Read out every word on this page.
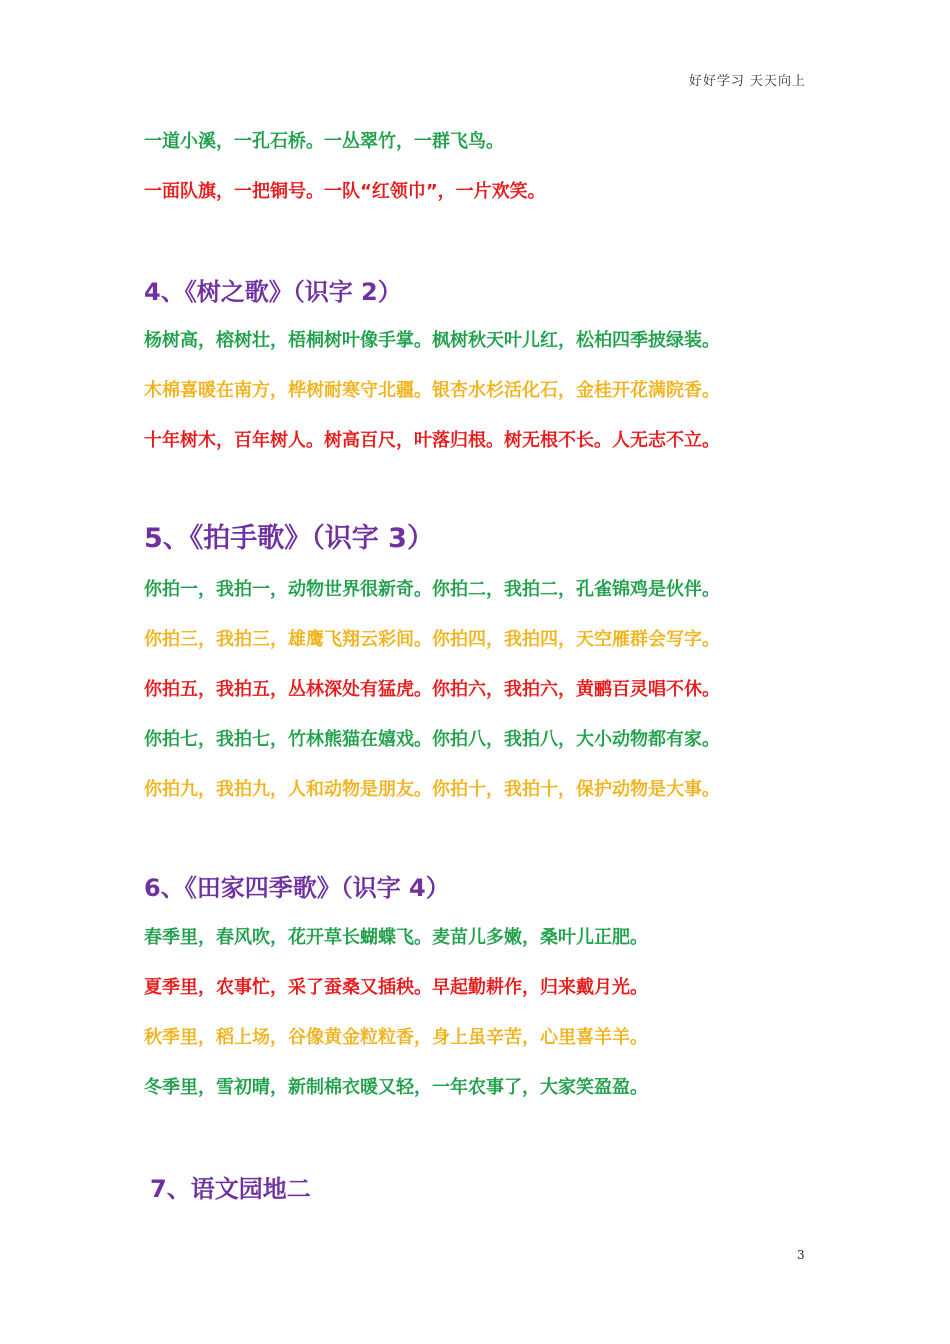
好好学习 天天向上
一道小溪，一孔石桥。一丛翠竹，一群飞鸟。
一面队旗，一把铜号。一队“红领巾”，一片欢笑。
4、《树之歌》（识字 2）
杨树高，榕树壮，梧桐树叶像手掌。枫树秋天叶儿红，松柏四季披绿装。
木棉喜暖在南方，桦树耐寒守北疆。银杏水杉活化石，金桂开花满院香。
十年树木，百年树人。树高百尺，叶落归根。树无根不长。人无志不立。
5、《拍手歌》（识字 3）
你拍一，我拍一，动物世界很新奇。你拍二，我拍二，孔雀锦鸡是伙伴。
你拍三，我拍三，雄鹰飞翔云彩间。你拍四，我拍四，天空雁群会写字。
你拍五，我拍五，丛林深处有猛虎。你拍六，我拍六，黄鹂百灵唱不休。
你拍七，我拍七，竹林熊猫在嬉戏。你拍八，我拍八，大小动物都有家。
你拍九，我拍九，人和动物是朋友。你拍十，我拍十，保护动物是大事。
6、《田家四季歌》（识字 4）
春季里，春风吹，花开草长蝴蝶飞。麦苗儿多嫩，桑叶儿正肥。
夏季里，农事忙，采了蚕桑又插秧。早起勤耕作，归来戴月光。
秋季里，稻上场，谷像黄金粒粒香，身上虽辛苦，心里喜羊羊。
冬季里，雪初晴，新制棉衣暖又轻，一年农事了，大家笑盈盈。
7、语文园地二
3
